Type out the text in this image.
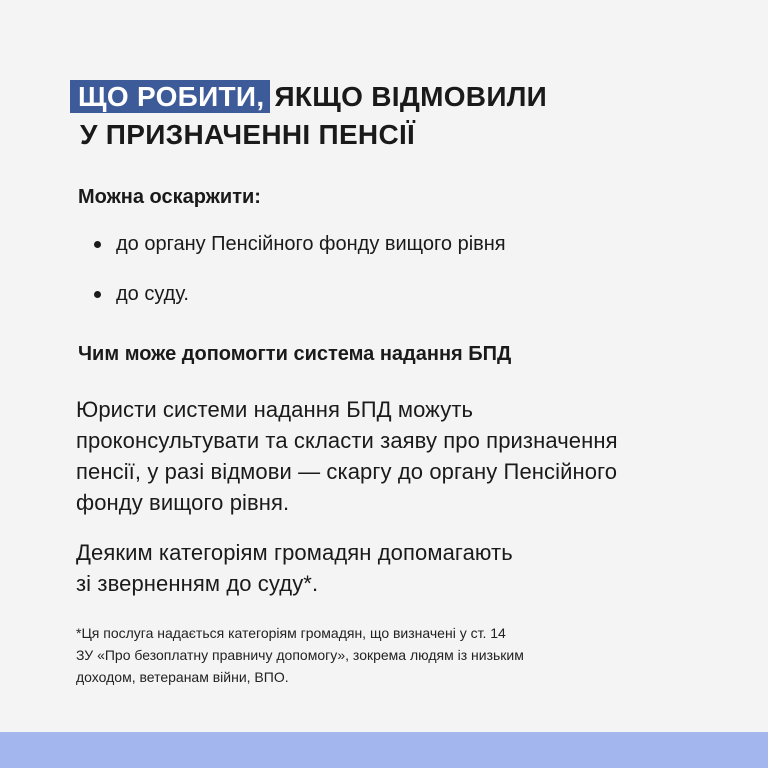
ЩО РОБИТИ, ЯКЩО ВІДМОВИЛИ
У ПРИЗНАЧЕННІ ПЕНСІЇ
Можна оскаржити:
до органу Пенсійного фонду вищого рівня
до суду.
Чим може допомогти система надання БПД

Юристи системи надання БПД можуть
проконсультувати та скласти заяву про призначення
пенсії, у разі відмови — скаргу до органу Пенсійного
фонду вищого рівня.

Деяким категоріям громадян допомагають
зі зверненням до суду*.

*Ця послуга надається категоріям громадян, що визначені у ст. 14
ЗУ «Про безоплатну правничу допомогу», зокрема людям із низьким
доходом, ветеранам війни, ВПО.
